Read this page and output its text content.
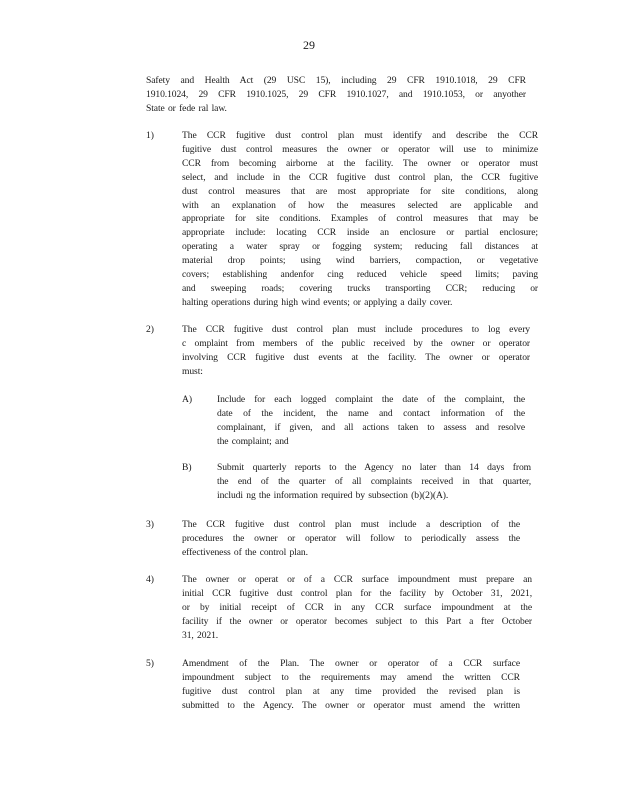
29
Safety and Health Act (29 USC 15), including 29 CFR 1910.1018, 29 CFR
1910.1024, 29 CFR 1910.1025, 29 CFR 1910.1027, and 1910.1053, or anyother
State or fede ral law.
1)	The CCR fugitive dust control plan must identify and describe the CCR
fugitive dust control measures the owner or operator will use to minimize
CCR from becoming airborne at the facility. The owner or operator must
select, and include in the CCR fugitive dust control plan, the CCR fugitive
dust control measures that are most appropriate for site conditions, along
with an explanation of how the measures selected are applicable and
appropriate for site conditions. Examples of control measures that may be
appropriate include: locating CCR inside an enclosure or partial enclosure;
operating a water spray or fogging system; reducing fall distances at
material drop points; using wind barriers, compaction, or vegetative
covers; establishing andenfor cing reduced vehicle speed limits; paving
and sweeping roads; covering trucks transporting CCR; reducing or
halting operations during high wind events; or applying a daily cover.
2)	The CCR fugitive dust control plan must include procedures to log every
c omplaint from members of the public received by the owner or operator
involving CCR fugitive dust events at the facility. The owner or operator
must:
A)	Include for each logged complaint the date of the complaint, the
date of the incident, the name and contact information of the
complainant, if given, and all actions taken to assess and resolve
the complaint; and
B)	Submit quarterly reports to the Agency no later than 14 days from
the end of the quarter of all complaints received in that quarter,
includi ng the information required by subsection (b)(2)(A).
3)	The CCR fugitive dust control plan must include a description of the
procedures the owner or operator will follow to periodically assess the
effectiveness of the control plan.
4)	The owner or operat or of a CCR surface impoundment must prepare an
initial CCR fugitive dust control plan for the facility by October 31, 2021,
or by initial receipt of CCR in any CCR surface impoundment at the
facility if the owner or operator becomes subject to this Part a fter October
31, 2021.
5)	Amendment of the Plan. The owner or operator of a CCR surface
impoundment subject to the requirements may amend the written CCR
fugitive dust control plan at any time provided the revised plan is
submitted to the Agency. The owner or operator must amend the written
